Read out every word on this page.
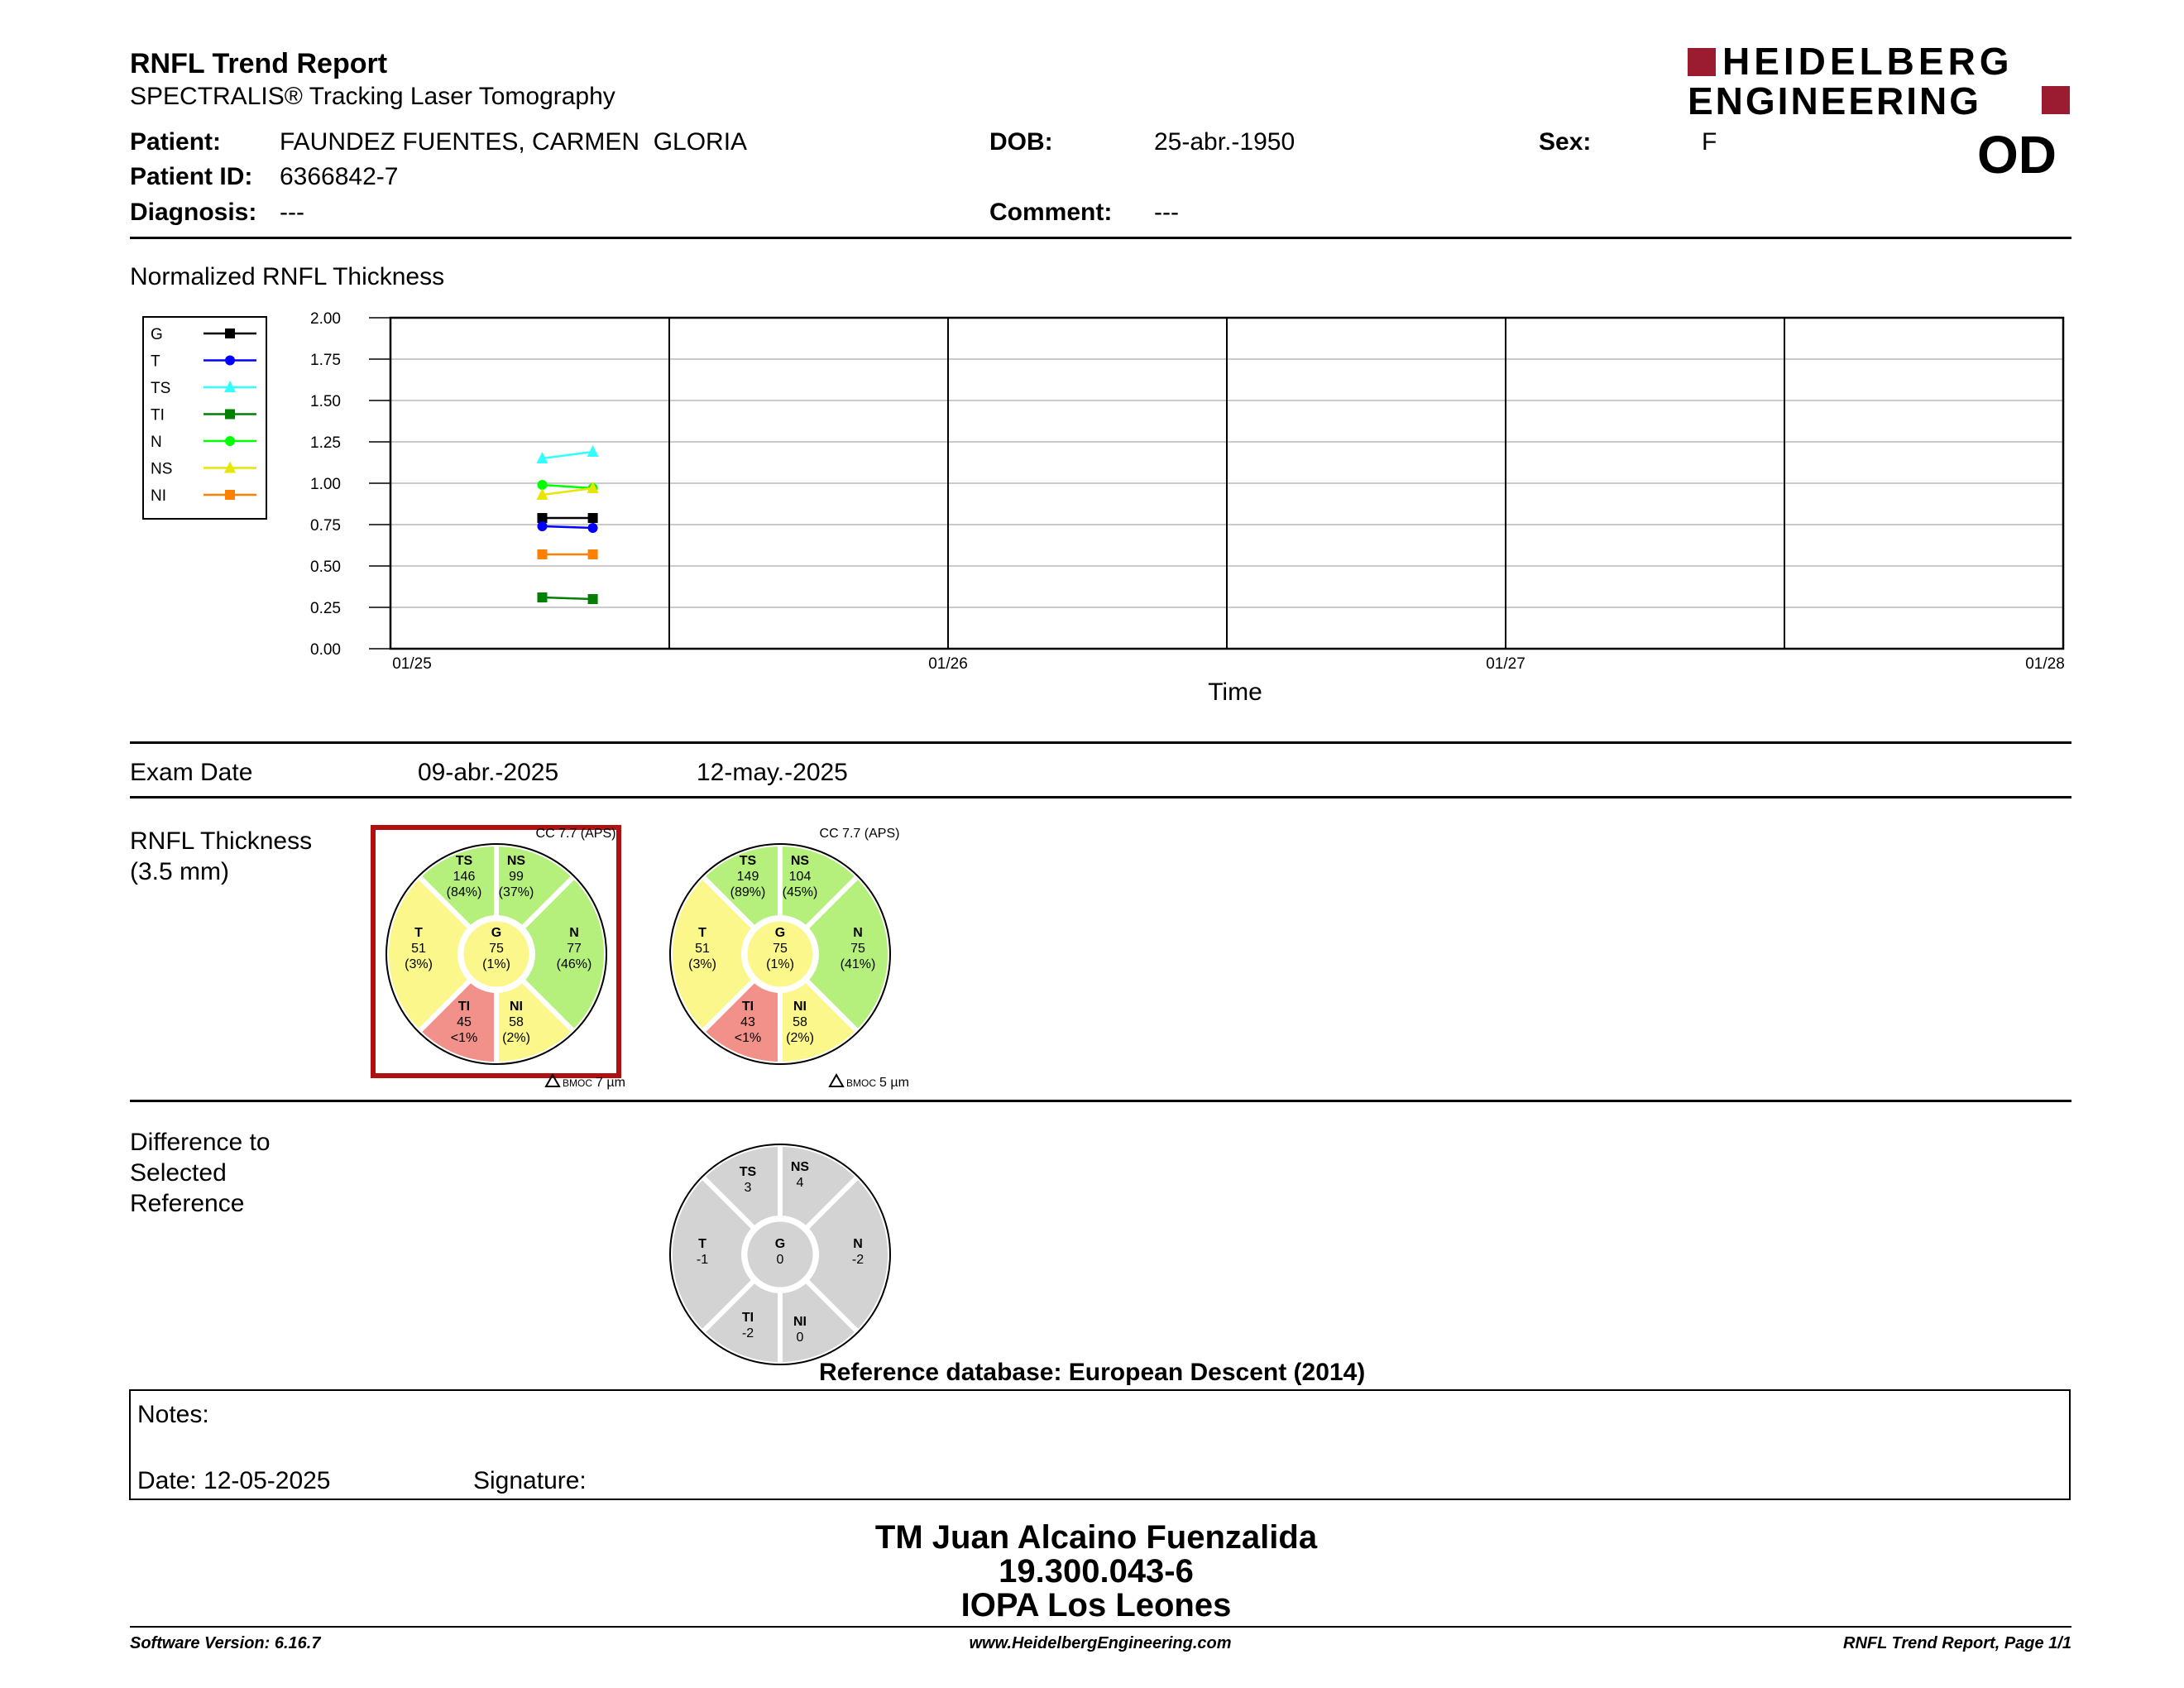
RNFL Trend Report
SPECTRALIS® Tracking Laser Tomography
HEIDELBERG
ENGINEERING
OD
Patient: FAUNDEZ FUENTES, CARMEN  GLORIA
Patient ID: 6366842-7
Diagnosis: ---
DOB:	25-abr.-1950
Comment: ---
Sex:	F
Normalized RNFL Thickness
0.00
0.25
0.50
0.75
1.00
1.25
1.50
1.75
2.00
01/25	01/26	01/27	01/28
Time
G
T
TS
TI
N
NS
NI
Exam Date	09-abr.-2025	12-may.-2025
RNFL Thickness
(3.5 mm)
CC 7.7 (APS)
TS
146
(84%)
NS
99
(37%)
T
51
(3%)
G
75
(1%)
N
77
(46%)
TI
45
<1%
NI
58
(2%)
BMOC 7 µm
CC 7.7 (APS)
TS
149
(89%)
NS
104
(45%)
T
51
(3%)
G
75
(1%)
N
75
(41%)
TI
43
<1%
NI
58
(2%)
BMOC 5 µm
Difference to
Selected
Reference
TS
3
NS
4
T
-1
G
0
N
-2
TI
-2
NI
0
Reference database: European Descent (2014)
Notes:
Date: 12-05-2025	Signature:
TM Juan Alcaino Fuenzalida
19.300.043-6
IOPA Los Leones
Software Version: 6.16.7	www.HeidelbergEngineering.com	RNFL Trend Report, Page 1/1
